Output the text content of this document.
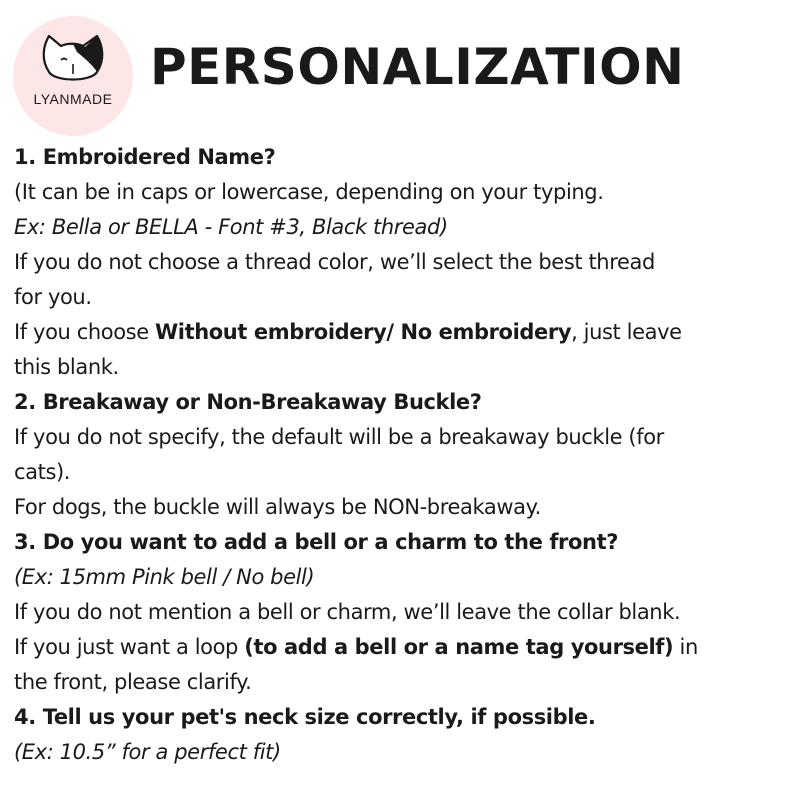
LYANMADE
PERSONALIZATION
1. Embroidered Name?
(It can be in caps or lowercase, depending on your typing.
Ex: Bella or BELLA - Font #3, Black thread)
If you do not choose a thread color, we’ll select the best thread
for you.
If you choose Without embroidery/ No embroidery, just leave
this blank.
2. Breakaway or Non-Breakaway Buckle?
If you do not specify, the default will be a breakaway buckle (for
cats).
For dogs, the buckle will always be NON-breakaway.
3. Do you want to add a bell or a charm to the front?
(Ex: 15mm Pink bell / No bell)
If you do not mention a bell or charm, we’ll leave the collar blank.
If you just want a loop (to add a bell or a name tag yourself) in
the front, please clarify.
4. Tell us your pet's neck size correctly, if possible.
(Ex: 10.5” for a perfect fit)
